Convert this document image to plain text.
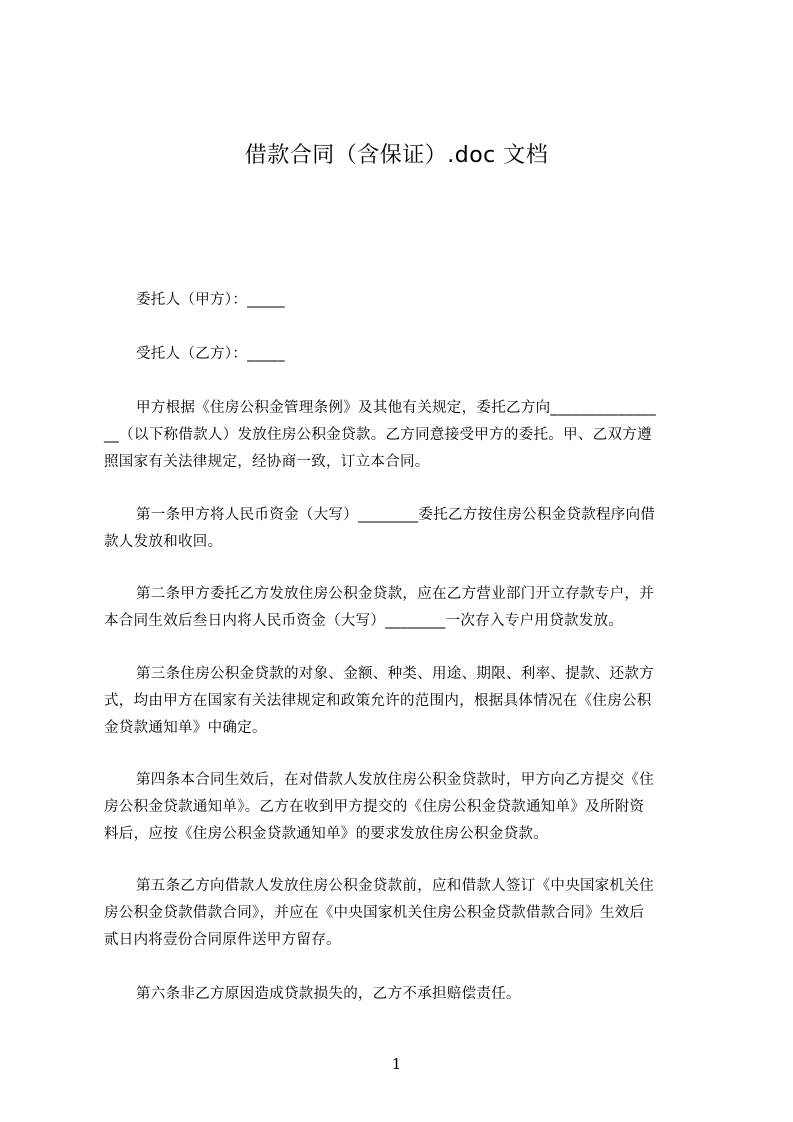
借款合同（含保证）.doc 文档
委托人（甲方）：_____
受托人（乙方）：_____
甲方根据《住房公积金管理条例》及其他有关规定，委托乙方向______________
__（以下称借款人）发放住房公积金贷款。乙方同意接受甲方的委托。甲、乙双方遵
照国家有关法律规定，经协商一致，订立本合同。
第一条甲方将人民币资金（大写）________委托乙方按住房公积金贷款程序向借
款人发放和收回。
第二条甲方委托乙方发放住房公积金贷款，应在乙方营业部门开立存款专户，并
本合同生效后叁日内将人民币资金（大写）________一次存入专户用贷款发放。
第三条住房公积金贷款的对象、金额、种类、用途、期限、利率、提款、还款方
式，均由甲方在国家有关法律规定和政策允许的范围内，根据具体情况在《住房公积
金贷款通知单》中确定。
第四条本合同生效后，在对借款人发放住房公积金贷款时，甲方向乙方提交《住
房公积金贷款通知单》。乙方在收到甲方提交的《住房公积金贷款通知单》及所附资
料后，应按《住房公积金贷款通知单》的要求发放住房公积金贷款。
第五条乙方向借款人发放住房公积金贷款前，应和借款人签订《中央国家机关住
房公积金贷款借款合同》，并应在《中央国家机关住房公积金贷款借款合同》生效后
贰日内将壹份合同原件送甲方留存。
第六条非乙方原因造成贷款损失的，乙方不承担赔偿责任。
1
